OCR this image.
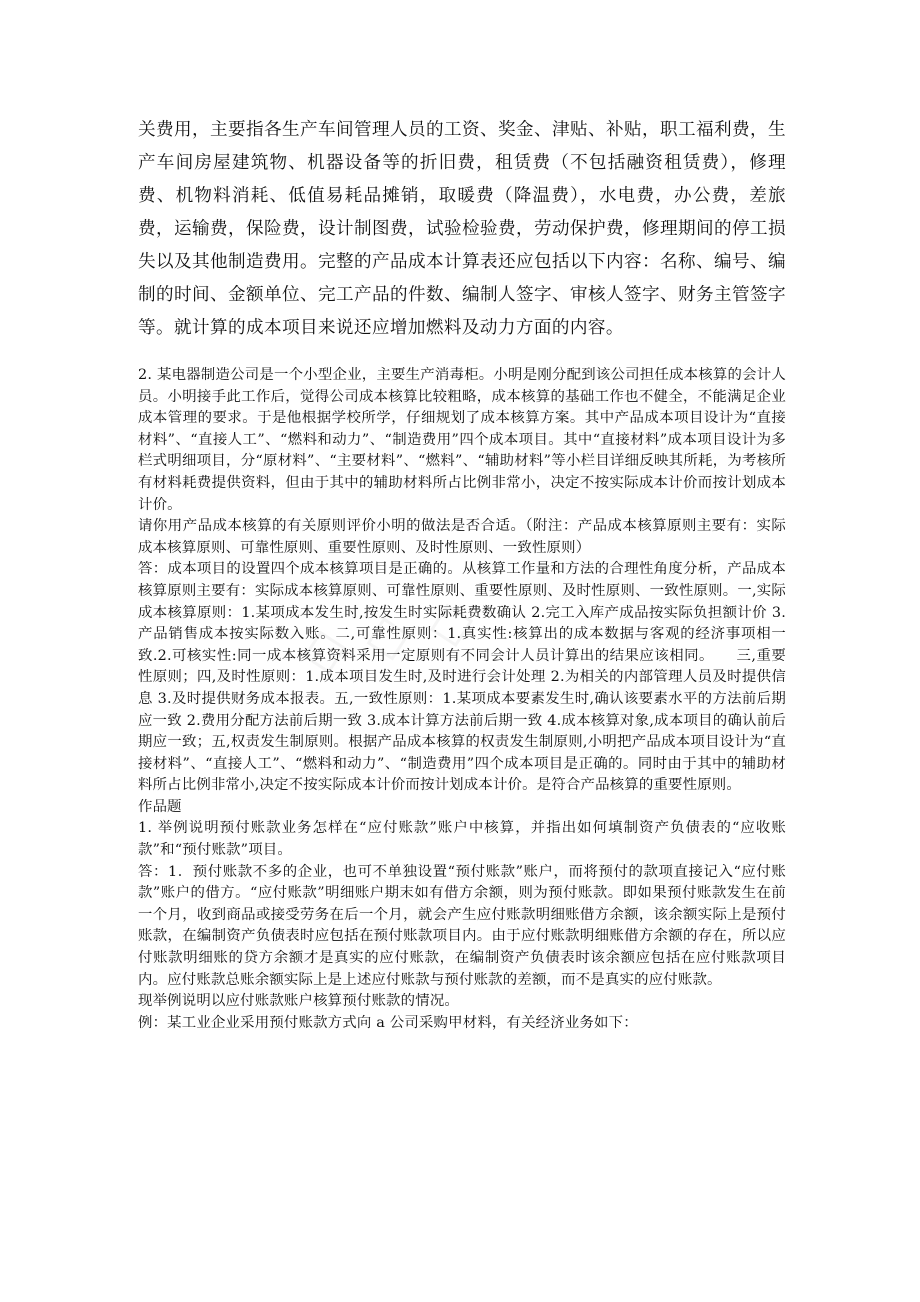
关费用，主要指各生产车间管理人员的工资、奖金、津贴、补贴，职工福利费，生产车间房屋建筑物、机器设备等的折旧费，租赁费（不包括融资租赁费），修理费、机物料消耗、低值易耗品摊销，取暖费（降温费），水电费，办公费，差旅费，运输费，保险费，设计制图费，试验检验费，劳动保护费，修理期间的停工损失以及其他制造费用。完整的产品成本计算表还应包括以下内容：名称、编号、编制的时间、金额单位、完工产品的件数、编制人签字、审核人签字、财务主管签字等。就计算的成本项目来说还应增加燃料及动力方面的内容。

2. 某电器制造公司是一个小型企业，主要生产消毒柜。小明是刚分配到该公司担任成本核算的会计人员。小明接手此工作后，觉得公司成本核算比较粗略，成本核算的基础工作也不健全，不能满足企业成本管理的要求。于是他根据学校所学，仔细规划了成本核算方案。其中产品成本项目设计为“直接材料”、“直接人工”、“燃料和动力”、“制造费用”四个成本项目。其中“直接材料”成本项目设计为多栏式明细项目，分“原材料”、“主要材料”、“燃料”、“辅助材料”等小栏目详细反映其所耗，为考核所有材料耗费提供资料，但由于其中的辅助材料所占比例非常小，决定不按实际成本计价而按计划成本计价。

请你用产品成本核算的有关原则评价小明的做法是否合适。（附注：产品成本核算原则主要有：实际成本核算原则、可靠性原则、重要性原则、及时性原则、一致性原则）

答：成本项目的设置四个成本核算项目是正确的。从核算工作量和方法的合理性角度分析，产品成本核算原则主要有：实际成本核算原则、可靠性原则、重要性原则、及时性原则、一致性原则。一,实际成本核算原则：1.某项成本发生时,按发生时实际耗费数确认 2.完工入库产成品按实际负担额计价 3.产品销售成本按实际数入账。二,可靠性原则：1.真实性:核算出的成本数据与客观的经济事项相一致.2.可核实性:同一成本核算资料采用一定原则有不同会计人员计算出的结果应该相同。　　三,重要性原则；四,及时性原则：1.成本项目发生时,及时进行会计处理 2.为相关的内部管理人员及时提供信息 3.及时提供财务成本报表。五,一致性原则：1.某项成本要素发生时,确认该要素水平的方法前后期应一致 2.费用分配方法前后期一致 3.成本计算方法前后期一致 4.成本核算对象,成本项目的确认前后期应一致；五,权责发生制原则。根据产品成本核算的权责发生制原则,小明把产品成本项目设计为“直接材料”、“直接人工”、“燃料和动力”、“制造费用”四个成本项目是正确的。同时由于其中的辅助材料所占比例非常小,决定不按实际成本计价而按计划成本计价。是符合产品核算的重要性原则。

作品题

1. 举例说明预付账款业务怎样在“应付账款”账户中核算，并指出如何填制资产负债表的“应收账款”和“预付账款”项目。

答：1．预付账款不多的企业，也可不单独设置“预付账款”账户，而将预付的款项直接记入“应付账款”账户的借方。“应付账款”明细账户期末如有借方余额，则为预付账款。即如果预付账款发生在前一个月，收到商品或接受劳务在后一个月，就会产生应付账款明细账借方余额，该余额实际上是预付账款，在编制资产负债表时应包括在预付账款项目内。由于应付账款明细账借方余额的存在，所以应付账款明细账的贷方余额才是真实的应付账款，在编制资产负债表时该余额应包括在应付账款项目内。应付账款总账余额实际上是上述应付账款与预付账款的差额，而不是真实的应付账款。

现举例说明以应付账款账户核算预付账款的情况。

例：某工业企业采用预付账款方式向 a 公司采购甲材料，有关经济业务如下：
